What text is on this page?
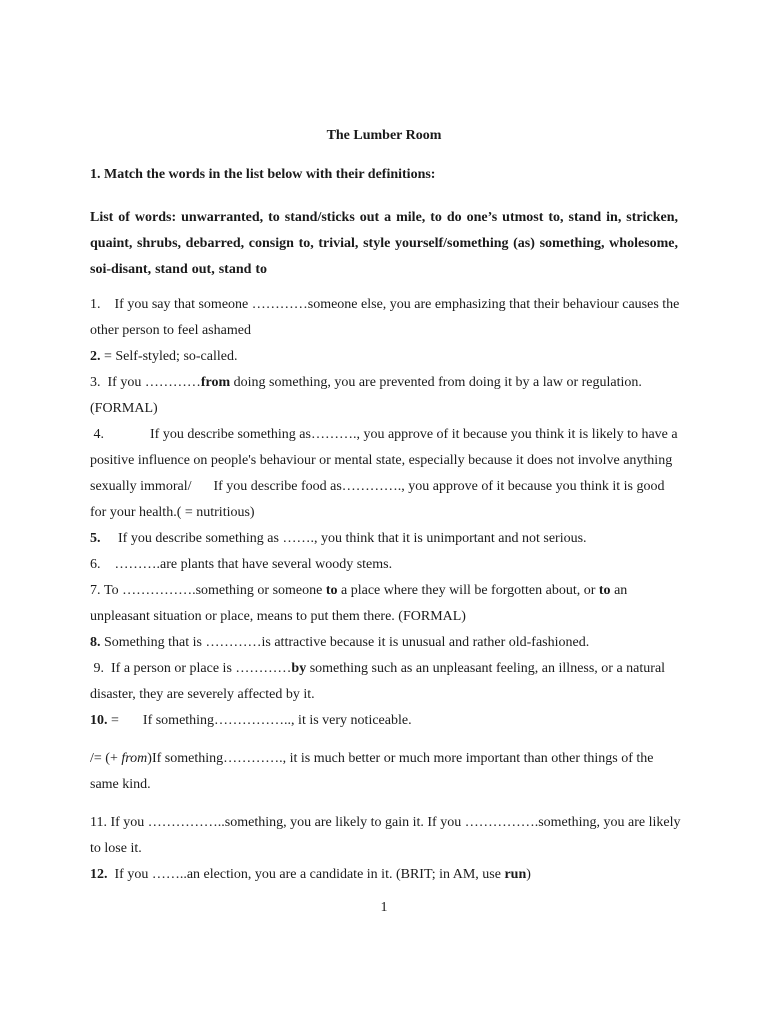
The Lumber Room
1. Match the words in the list below with their definitions:
List of words: unwarranted, to stand/sticks out a mile, to do one’s utmost to, stand in, stricken, quaint, shrubs, debarred, consign to, trivial, style yourself/something (as) something, wholesome, soi-disant, stand out, stand to
1. If you say that someone …………someone else, you are emphasizing that their behaviour causes the other person to feel ashamed
2. = Self-styled; so-called.
3. If you …………from doing something, you are prevented from doing it by a law or regulation. (FORMAL)
4.	If you describe something as………., you approve of it because you think it is likely to have a positive influence on people's behaviour or mental state, especially because it does not involve anything sexually immoral/ If you describe food as…………., you approve of it because you think it is good for your health.( = nutritious)
5. If you describe something as ……., you think that it is unimportant and not serious.
6. ……….are plants that have several woody stems.
7. To …………….something or someone to a place where they will be forgotten about, or to an unpleasant situation or place, means to put them there. (FORMAL)
8. Something that is …………is attractive because it is unusual and rather old-fashioned.
9. If a person or place is …………by something such as an unpleasant feeling, an illness, or a natural disaster, they are severely affected by it.
10. = If something…………….., it is very noticeable.
/= (+ from)If something…………., it is much better or much more important than other things of the same kind.
11. If you ……………..something, you are likely to gain it. If you …………….something, you are likely to lose it.
12. If you ……..an election, you are a candidate in it. (BRIT; in AM, use run)
1
